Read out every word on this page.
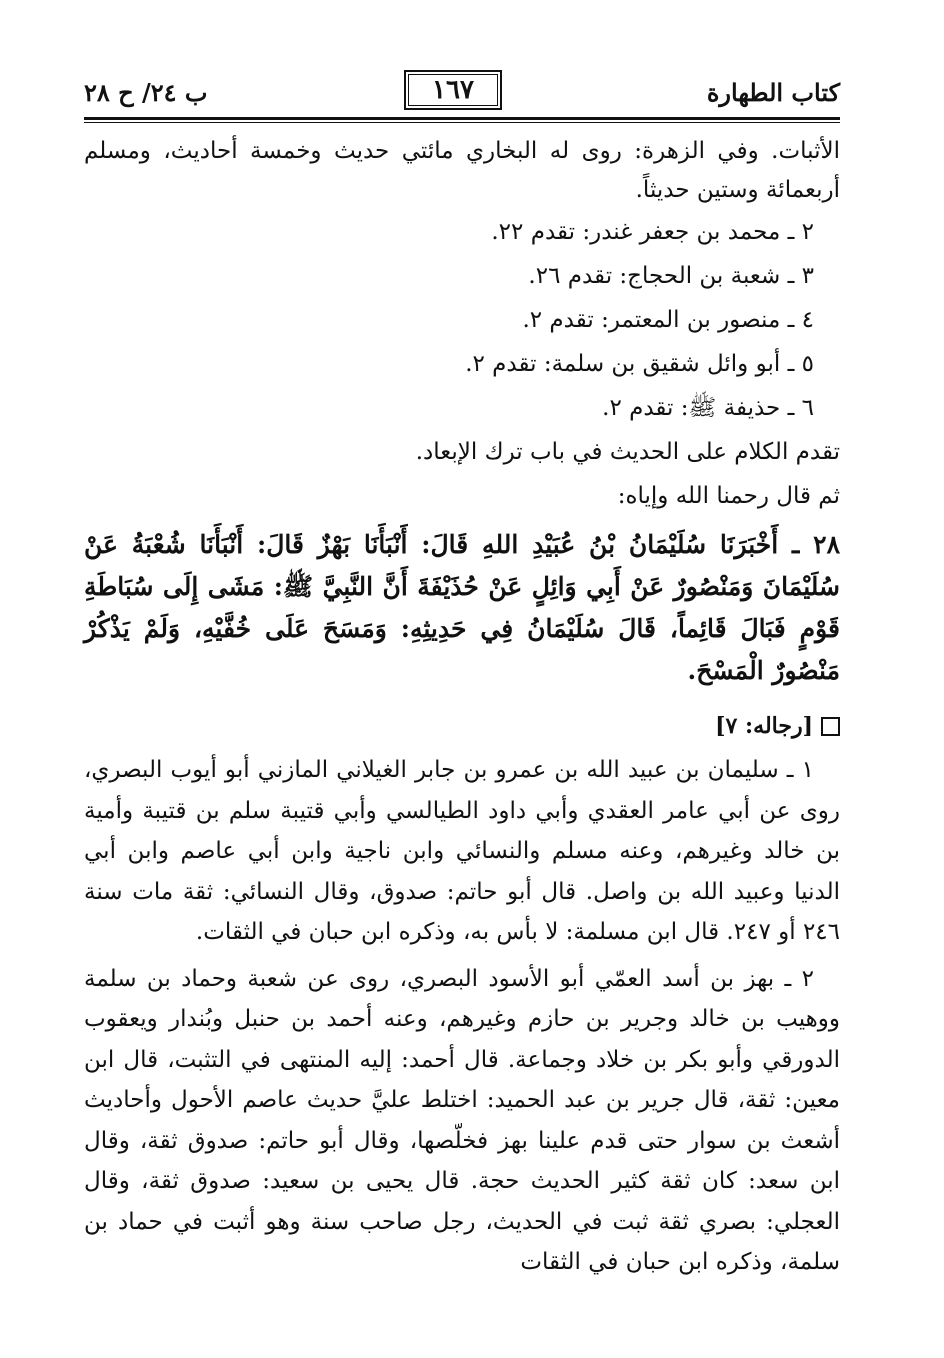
كتاب الطهارة
١٦٧
ب ٢٤/ ح ٢٨

الأثبات. وفي الزهرة: روى له البخاري مائتي حديث وخمسة أحاديث، ومسلم أربعمائة وستين حديثاً.

٢ ـ محمد بن جعفر غندر: تقدم ٢٢.

٣ ـ شعبة بن الحجاج: تقدم ٢٦.

٤ ـ منصور بن المعتمر: تقدم ٢.

٥ ـ أبو وائل شقيق بن سلمة: تقدم ٢.

٦ ـ حذيفة ﷺ: تقدم ٢.

تقدم الكلام على الحديث في باب ترك الإبعاد.

ثم قال رحمنا الله وإياه:

٢٨ ـ أَخْبَرَنَا سُلَيْمَانُ بْنُ عُبَيْدِ اللهِ قَالَ: أَنْبَأَنَا بَهْزٌ قَالَ: أَنْبَأَنَا شُعْبَةُ عَنْ سُلَيْمَانَ وَمَنْصُورٌ عَنْ أَبِي وَائِلٍ عَنْ حُذَيْفَةَ أَنَّ النَّبِيَّ ﷺ: مَشَى إِلَى سُبَاطَةِ قَوْمٍ فَبَالَ قَائِماً، قَالَ سُلَيْمَانُ فِي حَدِيثِهِ: وَمَسَحَ عَلَى خُفَّيْهِ، وَلَمْ يَذْكُرْ مَنْصُورٌ الْمَسْحَ.

[رجاله: ٧]

١ ـ سليمان بن عبيد الله بن عمرو بن جابر الغيلاني المازني أبو أيوب البصري، روى عن أبي عامر العقدي وأبي داود الطيالسي وأبي قتيبة سلم بن قتيبة وأمية بن خالد وغيرهم، وعنه مسلم والنسائي وابن ناجية وابن أبي عاصم وابن أبي الدنيا وعبيد الله بن واصل. قال أبو حاتم: صدوق، وقال النسائي: ثقة مات سنة ٢٤٦ أو ٢٤٧. قال ابن مسلمة: لا بأس به، وذكره ابن حبان في الثقات.

٢ ـ بهز بن أسد العمّي أبو الأسود البصري، روى عن شعبة وحماد بن سلمة ووهيب بن خالد وجرير بن حازم وغيرهم، وعنه أحمد بن حنبل وبُندار ويعقوب الدورقي وأبو بكر بن خلاد وجماعة. قال أحمد: إليه المنتهى في التثبت، قال ابن معين: ثقة، قال جرير بن عبد الحميد: اختلط عليَّ حديث عاصم الأحول وأحاديث أشعث بن سوار حتى قدم علينا بهز فخلّصها، وقال أبو حاتم: صدوق ثقة، وقال ابن سعد: كان ثقة كثير الحديث حجة. قال يحيى بن سعيد: صدوق ثقة، وقال العجلي: بصري ثقة ثبت في الحديث، رجل صاحب سنة وهو أثبت في حماد بن سلمة، وذكره ابن حبان في الثقات
